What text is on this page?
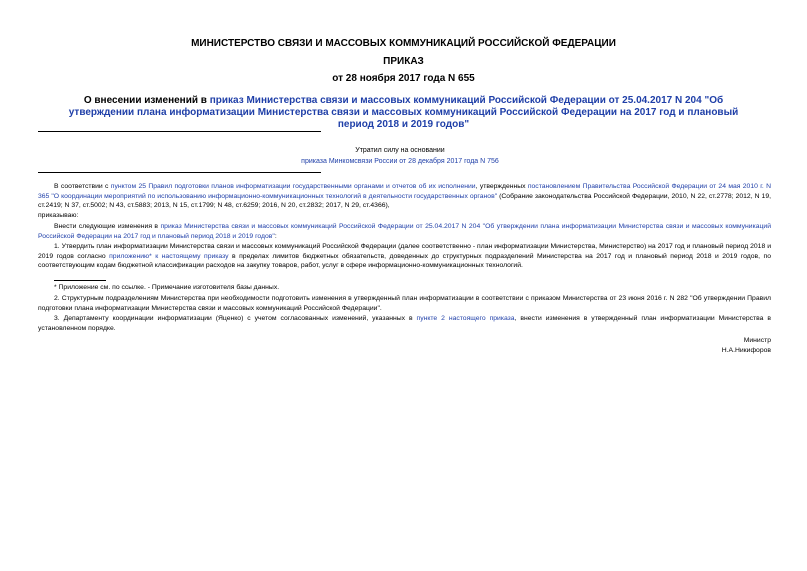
МИНИСТЕРСТВО СВЯЗИ И МАССОВЫХ КОММУНИКАЦИЙ РОССИЙСКОЙ ФЕДЕРАЦИИ
ПРИКАЗ
от 28 ноября 2017 года N 655
О внесении изменений в приказ Министерства связи и массовых коммуникаций Российской Федерации от 25.04.2017 N 204 "Об утверждении плана информатизации Министерства связи и массовых коммуникаций Российской Федерации на 2017 год и плановый период 2018 и 2019 годов"
Утратил силу на основании
приказа Минкомсвязи России от 28 декабря 2017 года N 756
В соответствии с пунктом 25 Правил подготовки планов информатизации государственными органами и отчетов об их исполнении, утвержденных постановлением Правительства Российской Федерации от 24 мая 2010 г. N 365 "О координации мероприятий по использованию информационно-коммуникационных технологий в деятельности государственных органов" (Собрание законодательства Российской Федерации, 2010, N 22, ст.2778; 2012, N 19, ст.2419; N 37, ст.5002; N 43, ст.5883; 2013, N 15, ст.1799; N 48, ст.6259; 2016, N 20, ст.2832; 2017, N 29, ст.4366),
приказываю:
Внести следующие изменения в приказ Министерства связи и массовых коммуникаций Российской Федерации от 25.04.2017 N 204 "Об утверждении плана информатизации Министерства связи и массовых коммуникаций Российской Федерации на 2017 год и плановый период 2018 и 2019 годов":
1. Утвердить план информатизации Министерства связи и массовых коммуникаций Российской Федерации (далее соответственно - план информатизации Министерства, Министерство) на 2017 год и плановый период 2018 и 2019 годов согласно приложению* к настоящему приказу в пределах лимитов бюджетных обязательств, доведенных до структурных подразделений Министерства на 2017 год и плановый период 2018 и 2019 годов, по соответствующим кодам бюджетной классификации расходов на закупку товаров, работ, услуг в сфере информационно-коммуникационных технологий.
* Приложение см. по ссылке. - Примечание изготовителя базы данных.
2. Структурным подразделениям Министерства при необходимости подготовить изменения в утвержденный план информатизации в соответствии с приказом Министерства от 23 июня 2016 г. N 282 "Об утверждении Правил подготовки плана информатизации Министерства связи и массовых коммуникаций Российской Федерации".
3. Департаменту координации информатизации (Яценко) с учетом согласованных изменений, указанных в пункте 2 настоящего приказа, внести изменения в утвержденный план информатизации Министерства в установленном порядке.
Министр
Н.А.Никифоров
